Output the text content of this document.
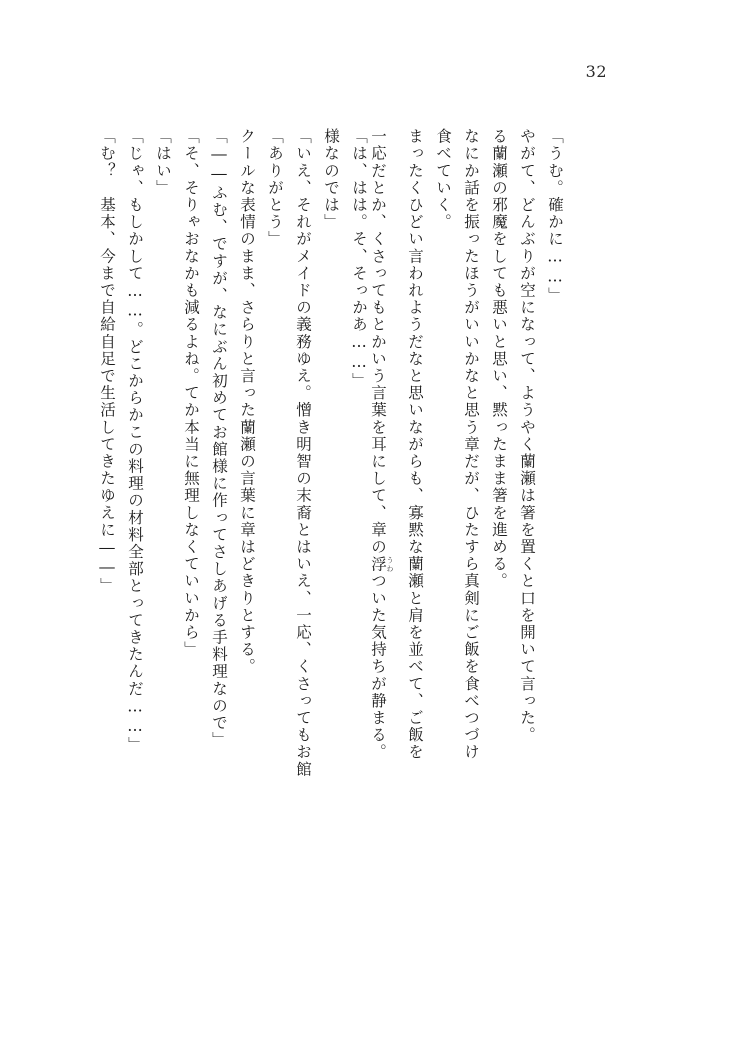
32
「む？　基本、今まで自給自足で生活してきたゆえに――」 「じゃ、もしかして……。どこからかこの料理の材料全部とってきたんだ……」 「はい」 「そ、そりゃおなかも減るよね。てか本当に無理しなくていいから」 「――ふむ、ですが、なにぶん初めてお館様に作ってさしあげる手料理なので」 クールな表情のまま、さらりと言った蘭瀬の言葉に章はどきりとする。 「ありがとう」 「いえ、それがメイドの義務ゆえ。憎き明智の末裔とはいえ、一応、くさってもお館 様なのでは」 「は、はは。そ、そっかあ……」 一応だとか、くさってもとかいう言葉を耳にして、章の浮 うわついた気持ちが静まる。	まったくひどい言われようだなと思いながらも、寡黙な蘭瀬と肩を並べて、ご飯を 食べていく。 なにか話を振ったほうがいいかなと思う章だが、ひたすら真剣にご飯を食べつづけ る蘭瀬の邪魔をしても悪いと思い、黙ったまま箸を進める。 やがて、どんぶりが空になって、ようやく蘭瀬は箸を置くと口を開いて言った。 「うむ。確かに……」
